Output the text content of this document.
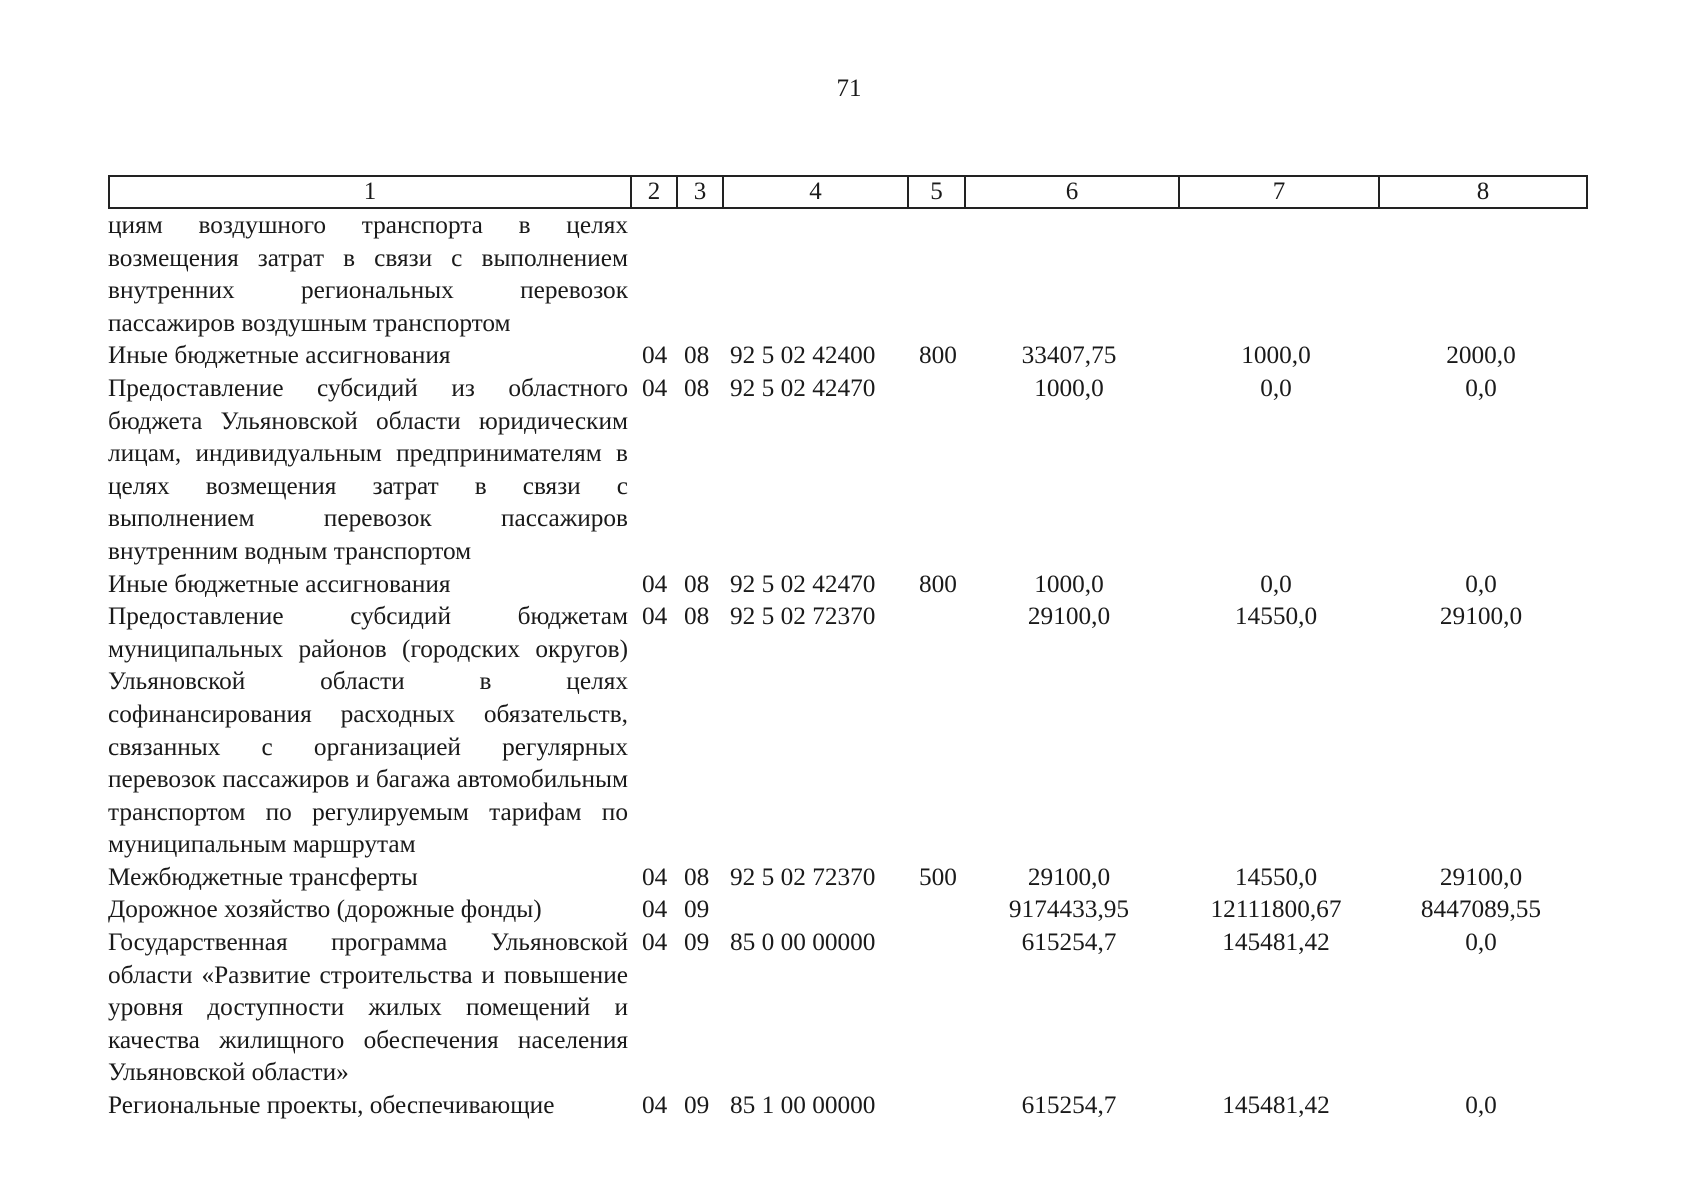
71
1	2	3	4	5	6	7	8
циям воздушного транспорта в целях возмещения затрат в связи с выполнением внутренних региональных перевозок пассажиров воздушным транспортом							
Иные бюджетные ассигнования	04	08	92 5 02 42400	800	33407,75	1000,0	2000,0
Предоставление субсидий из областного бюджета Ульяновской области юридическим лицам, индивидуальным предпринимателям в целях возмещения затрат в связи с выполнением перевозок пассажиров внутренним водным транспортом	04	08	92 5 02 42470		1000,0	0,0	0,0
Иные бюджетные ассигнования	04	08	92 5 02 42470	800	1000,0	0,0	0,0
Предоставление субсидий бюджетам муниципальных районов (городских округов) Ульяновской области в целях софинансирования расходных обязательств, связанных с организацией регулярных перевозок пассажиров и багажа автомобильным транспортом по регулируемым тарифам по муниципальным маршрутам	04	08	92 5 02 72370		29100,0	14550,0	29100,0
Межбюджетные трансферты	04	08	92 5 02 72370	500	29100,0	14550,0	29100,0
Дорожное хозяйство (дорожные фонды)	04	09			9174433,95	12111800,67	8447089,55
Государственная программа Ульяновской области «Развитие строительства и повышение уровня доступности жилых помещений и качества жилищного обеспечения населения Ульяновской области»	04	09	85 0 00 00000		615254,7	145481,42	0,0
Региональные проекты, обеспечивающие	04	09	85 1 00 00000		615254,7	145481,42	0,0
